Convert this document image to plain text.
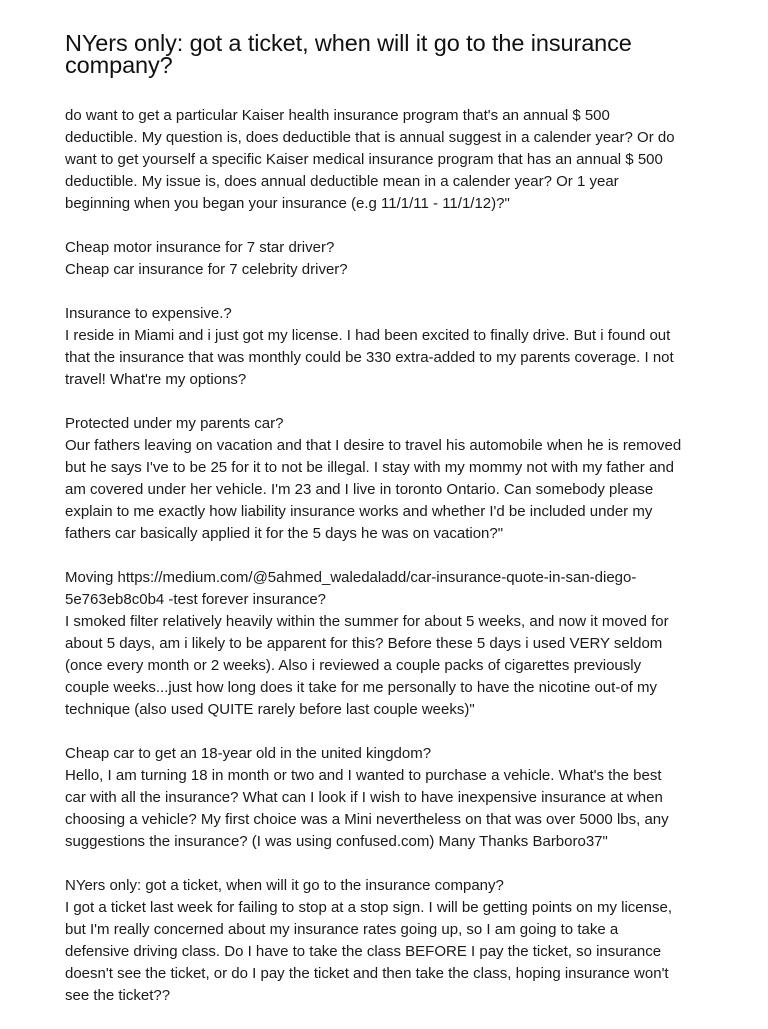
NYers only: got a ticket, when will it go to the insurance
company?
do want to get a particular Kaiser health insurance program that's an annual $ 500
deductible. My question is, does deductible that is annual suggest in a calender year? Or do
want to get yourself a specific Kaiser medical insurance program that has an annual $ 500
deductible. My issue is, does annual deductible mean in a calender year? Or 1 year
beginning when you began your insurance (e.g 11/1/11 - 11/1/12)?"
Cheap motor insurance for 7 star driver?
Cheap car insurance for 7 celebrity driver?
Insurance to expensive.?
I reside in Miami and i just got my license. I had been excited to finally drive. But i found out
that the insurance that was monthly could be 330 extra-added to my parents coverage. I not
travel! What're my options?
Protected under my parents car?
Our fathers leaving on vacation and that I desire to travel his automobile when he is removed
but he says I've to be 25 for it to not be illegal. I stay with my mommy not with my father and
am covered under her vehicle. I'm 23 and I live in toronto Ontario. Can somebody please
explain to me exactly how liability insurance works and whether I'd be included under my
fathers car basically applied it for the 5 days he was on vacation?"
Moving https://medium.com/@5ahmed_waledaladd/car-insurance-quote-in-san-diego-
5e763eb8c0b4 -test forever insurance?
I smoked filter relatively heavily within the summer for about 5 weeks, and now it moved for
about 5 days, am i likely to be apparent for this? Before these 5 days i used VERY seldom
(once every month or 2 weeks). Also i reviewed a couple packs of cigarettes previously
couple weeks...just how long does it take for me personally to have the nicotine out-of my
technique (also used QUITE rarely before last couple weeks)"
Cheap car to get an 18-year old in the united kingdom?
Hello, I am turning 18 in month or two and I wanted to purchase a vehicle. What's the best
car with all the insurance? What can I look if I wish to have inexpensive insurance at when
choosing a vehicle? My first choice was a Mini nevertheless on that was over 5000 lbs, any
suggestions the insurance? (I was using confused.com) Many Thanks Barboro37"
NYers only: got a ticket, when will it go to the insurance company?
I got a ticket last week for failing to stop at a stop sign. I will be getting points on my license,
but I'm really concerned about my insurance rates going up, so I am going to take a
defensive driving class. Do I have to take the class BEFORE I pay the ticket, so insurance
doesn't see the ticket, or do I pay the ticket and then take the class, hoping insurance won't
see the ticket??
